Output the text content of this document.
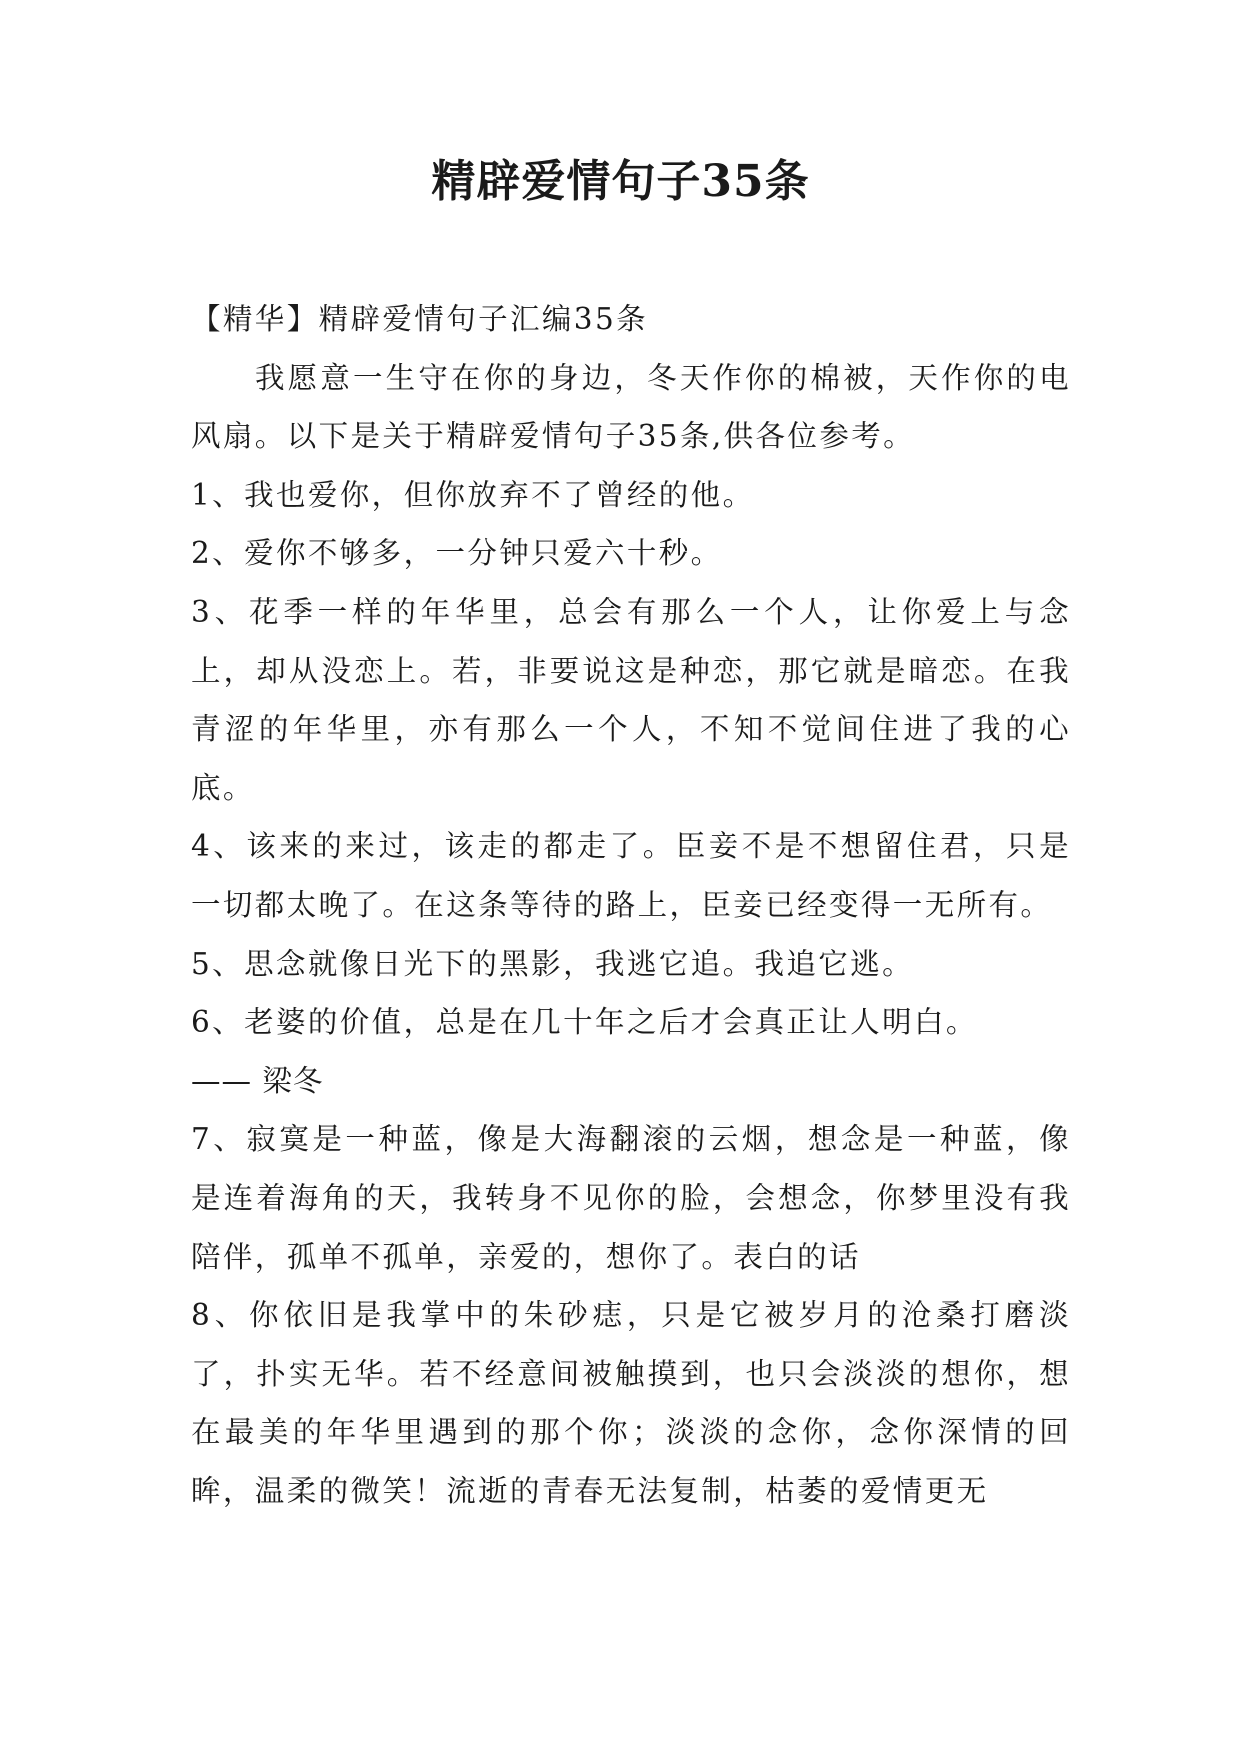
精辟爱情句子35条

【精华】精辟爱情句子汇编35条

我愿意一生守在你的身边，冬天作你的棉被，天作你的电风扇。以下是关于精辟爱情句子35条,供各位参考。

1、我也爱你，但你放弃不了曾经的他。

2、爱你不够多，一分钟只爱六十秒。

3、花季一样的年华里，总会有那么一个人，让你爱上与念上，却从没恋上。若，非要说这是种恋，那它就是暗恋。在我青涩的年华里，亦有那么一个人，不知不觉间住进了我的心底。

4、该来的来过，该走的都走了。臣妾不是不想留住君，只是一切都太晚了。在这条等待的路上，臣妾已经变得一无所有。

5、思念就像日光下的黑影，我逃它追。我追它逃。

6、老婆的价值，总是在几十年之后才会真正让人明白。

—— 梁冬

7、寂寞是一种蓝，像是大海翻滚的云烟，想念是一种蓝，像是连着海角的天，我转身不见你的脸，会想念，你梦里没有我陪伴，孤单不孤单，亲爱的，想你了。表白的话

8、你依旧是我掌中的朱砂痣，只是它被岁月的沧桑打磨淡了，扑实无华。若不经意间被触摸到，也只会淡淡的想你，想在最美的年华里遇到的那个你；淡淡的念你，念你深情的回眸，温柔的微笑！流逝的青春无法复制，枯萎的爱情更无
